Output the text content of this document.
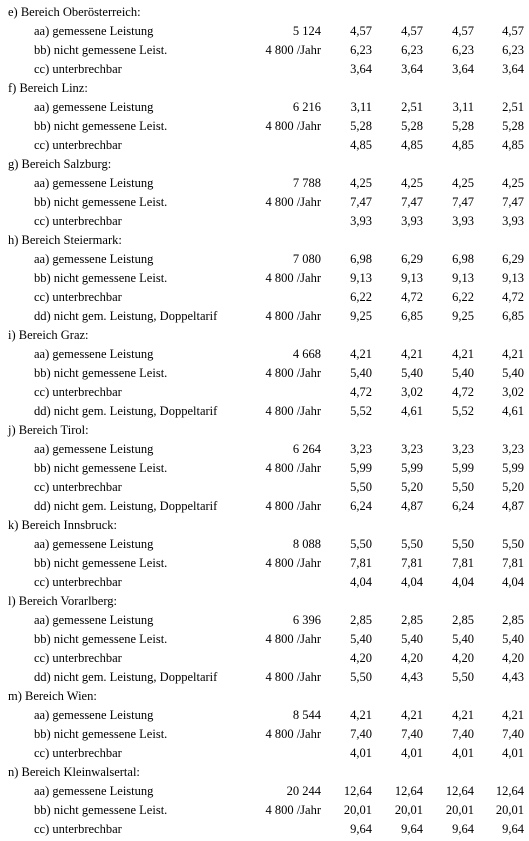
e) Bereich Oberösterreich:
aa) gemessene Leistung	5 124 4,57 4,57 4,57 4,57
bb) nicht gemessene Leist.	4 800 /Jahr 6,23 6,23 6,23 6,23
cc) unterbrechbar	3,64 3,64 3,64 3,64
f) Bereich Linz:
aa) gemessene Leistung	6 216 3,11 2,51 3,11 2,51
bb) nicht gemessene Leist.	4 800 /Jahr 5,28 5,28 5,28 5,28
cc) unterbrechbar	4,85 4,85 4,85 4,85
g) Bereich Salzburg:
aa) gemessene Leistung	7 788 4,25 4,25 4,25 4,25
bb) nicht gemessene Leist.	4 800 /Jahr 7,47 7,47 7,47 7,47
cc) unterbrechbar	3,93 3,93 3,93 3,93
h) Bereich Steiermark:
aa) gemessene Leistung	7 080 6,98 6,29 6,98 6,29
bb) nicht gemessene Leist.	4 800 /Jahr 9,13 9,13 9,13 9,13
cc) unterbrechbar	6,22 4,72 6,22 4,72
dd) nicht gem. Leistung, Doppeltarif	4 800 /Jahr 9,25 6,85 9,25 6,85
i) Bereich Graz:
aa) gemessene Leistung	4 668 4,21 4,21 4,21 4,21
bb) nicht gemessene Leist.	4 800 /Jahr 5,40 5,40 5,40 5,40
cc) unterbrechbar	4,72 3,02 4,72 3,02
dd) nicht gem. Leistung, Doppeltarif	4 800 /Jahr 5,52 4,61 5,52 4,61
j) Bereich Tirol:
aa) gemessene Leistung	6 264 3,23 3,23 3,23 3,23
bb) nicht gemessene Leist.	4 800 /Jahr 5,99 5,99 5,99 5,99
cc) unterbrechbar	5,50 5,20 5,50 5,20
dd) nicht gem. Leistung, Doppeltarif	4 800 /Jahr 6,24 4,87 6,24 4,87
k) Bereich Innsbruck:
aa) gemessene Leistung	8 088 5,50 5,50 5,50 5,50
bb) nicht gemessene Leist.	4 800 /Jahr 7,81 7,81 7,81 7,81
cc) unterbrechbar	4,04 4,04 4,04 4,04
l) Bereich Vorarlberg:
aa) gemessene Leistung	6 396 2,85 2,85 2,85 2,85
bb) nicht gemessene Leist.	4 800 /Jahr 5,40 5,40 5,40 5,40
cc) unterbrechbar	4,20 4,20 4,20 4,20
dd) nicht gem. Leistung, Doppeltarif	4 800 /Jahr 5,50 4,43 5,50 4,43
m) Bereich Wien:
aa) gemessene Leistung	8 544 4,21 4,21 4,21 4,21
bb) nicht gemessene Leist.	4 800 /Jahr 7,40 7,40 7,40 7,40
cc) unterbrechbar	4,01 4,01 4,01 4,01
n) Bereich Kleinwalsertal:
aa) gemessene Leistung	20 244 12,64 12,64 12,64 12,64
bb) nicht gemessene Leist.	4 800 /Jahr 20,01 20,01 20,01 20,01
cc) unterbrechbar	9,64 9,64 9,64 9,64
